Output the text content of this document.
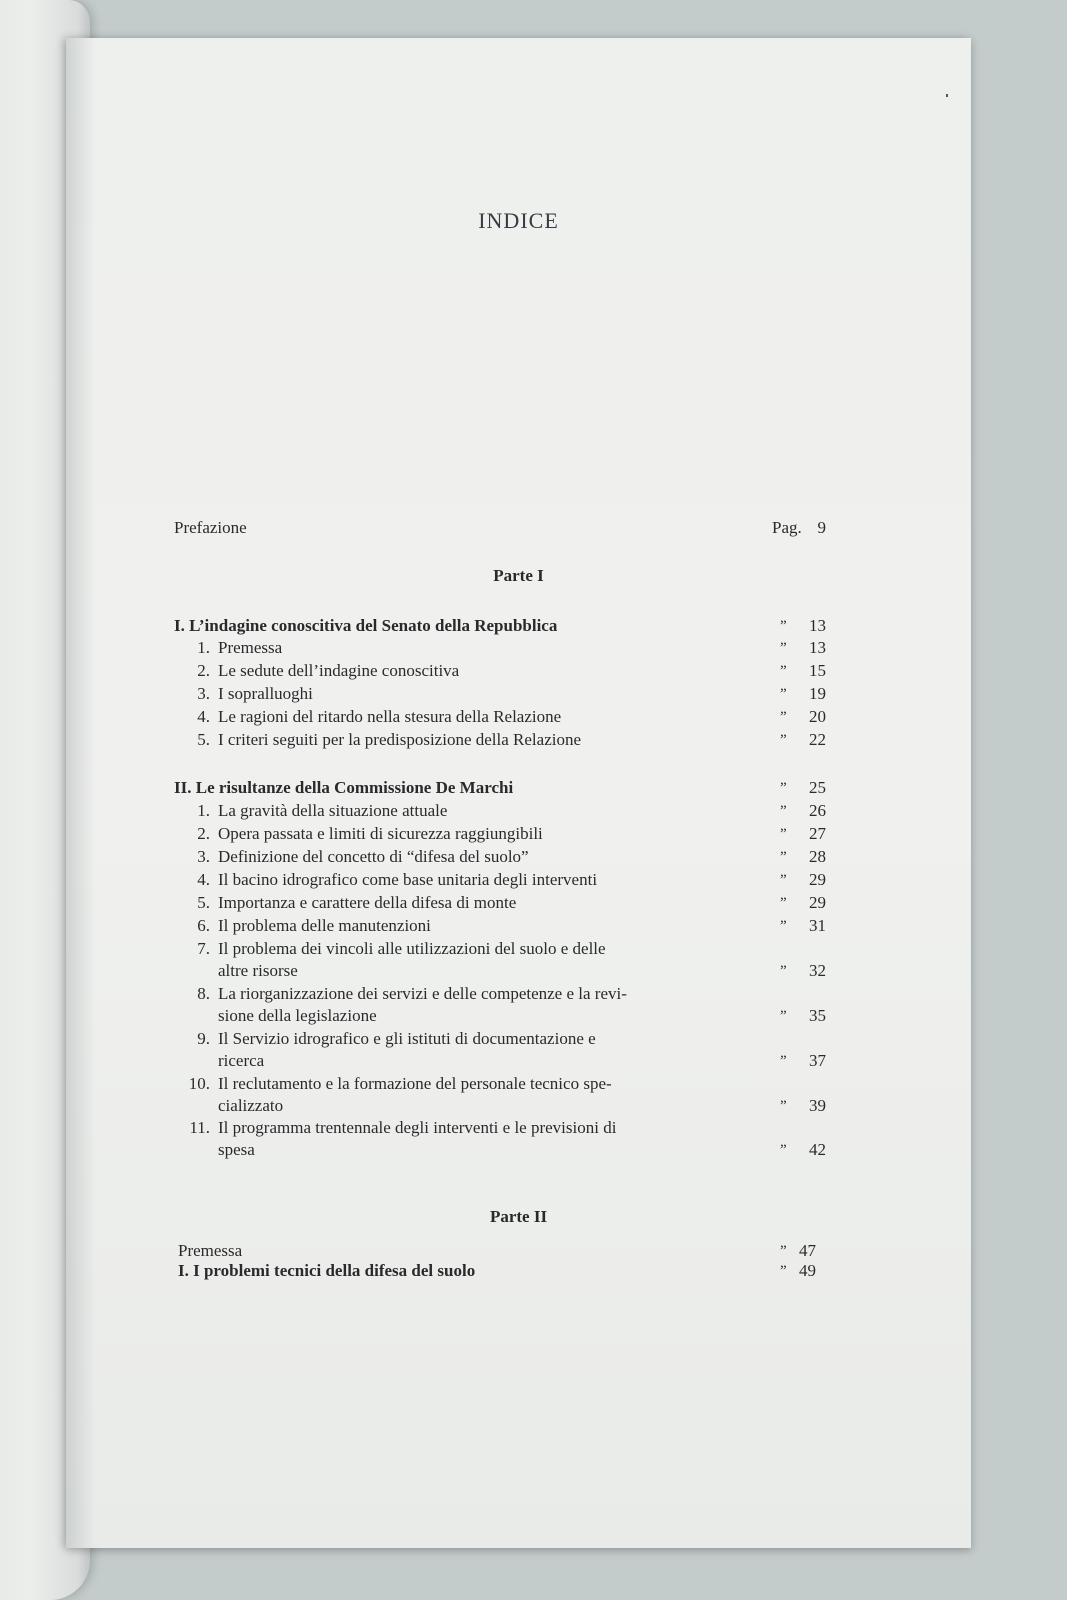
INDICE
Prefazione	Pag. 9
Parte I
I. L’indagine conoscitiva del Senato della Repubblica	” 13
1. Premessa	” 13
2. Le sedute dell’indagine conoscitiva	” 15
3. I sopralluoghi	” 19
4. Le ragioni del ritardo nella stesura della Relazione	” 20
5. I criteri seguiti per la predisposizione della Relazione	” 22
II. Le risultanze della Commissione De Marchi	” 25
1. La gravità della situazione attuale	” 26
2. Opera passata e limiti di sicurezza raggiungibili	” 27
3. Definizione del concetto di “difesa del suolo”	” 28
4. Il bacino idrografico come base unitaria degli interventi	” 29
5. Importanza e carattere della difesa di monte	” 29
6. Il problema delle manutenzioni	” 31
7. Il problema dei vincoli alle utilizzazioni del suolo e delle
altre risorse	” 32
8. La riorganizzazione dei servizi e delle competenze e la revi-
sione della legislazione	” 35
9. Il Servizio idrografico e gli istituti di documentazione e
ricerca	” 37
10. Il reclutamento e la formazione del personale tecnico spe-
cializzato	” 39
11. Il programma trentennale degli interventi e le previsioni di
spesa	” 42
Parte II
Premessa	” 47
I. I problemi tecnici della difesa del suolo	” 49
